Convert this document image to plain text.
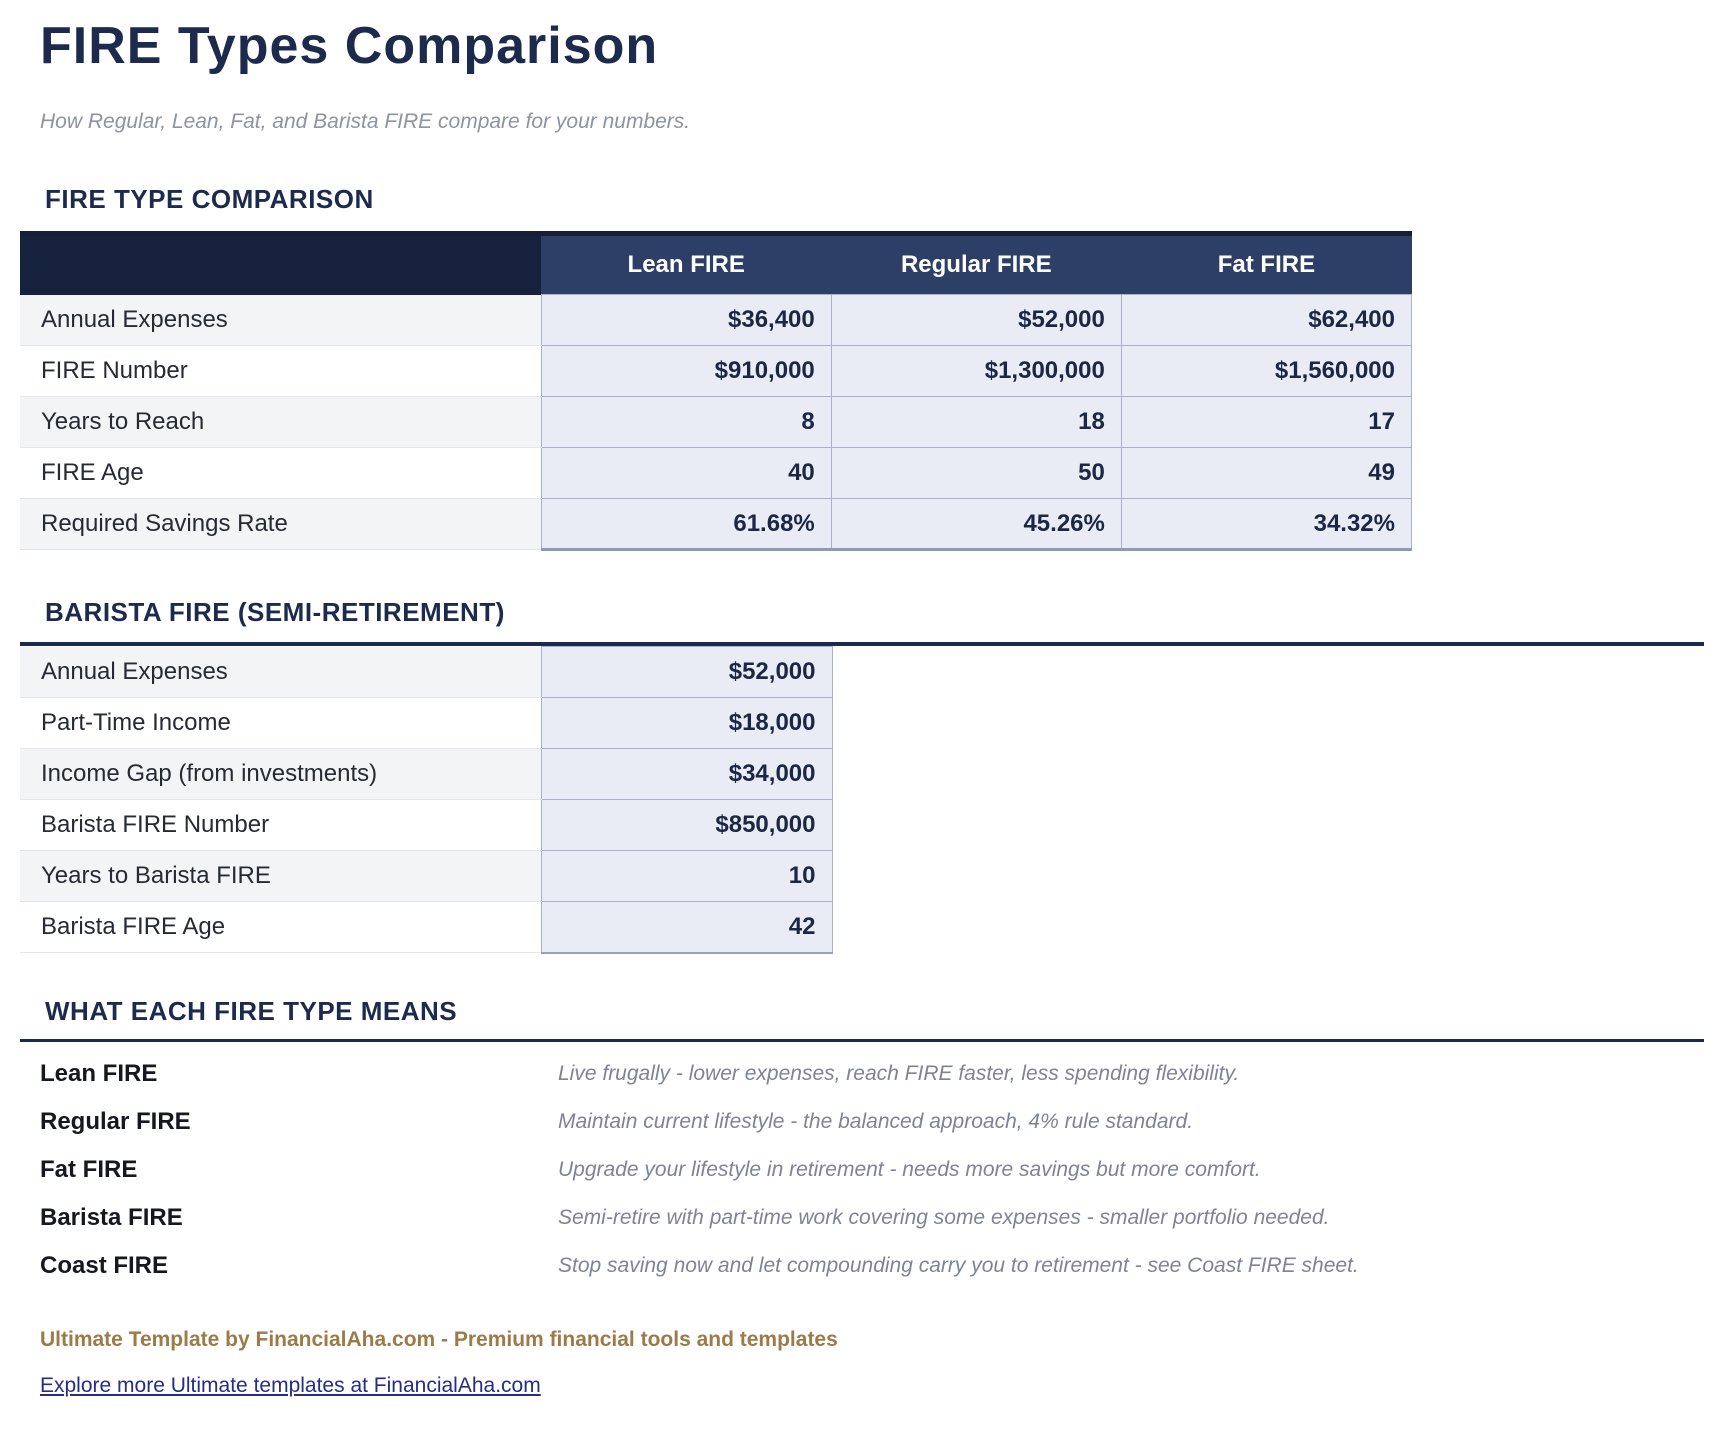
FIRE Types Comparison

How Regular, Lean, Fat, and Barista FIRE compare for your numbers.

FIRE TYPE COMPARISON
	Lean FIRE	Regular FIRE	Fat FIRE
Annual Expenses	$36,400	$52,000	$62,400
FIRE Number	$910,000	$1,300,000	$1,560,000
Years to Reach	8	18	17
FIRE Age	40	50	49
Required Savings Rate	61.68%	45.26%	34.32%
BARISTA FIRE (SEMI-RETIREMENT)
Annual Expenses	$52,000
Part-Time Income	$18,000
Income Gap (from investments)	$34,000
Barista FIRE Number	$850,000
Years to Barista FIRE	10
Barista FIRE Age	42
WHAT EACH FIRE TYPE MEANS
Lean FIRE	Live frugally - lower expenses, reach FIRE faster, less spending flexibility.
Regular FIRE	Maintain current lifestyle - the balanced approach, 4% rule standard.
Fat FIRE	Upgrade your lifestyle in retirement - needs more savings but more comfort.
Barista FIRE	Semi-retire with part-time work covering some expenses - smaller portfolio needed.
Coast FIRE	Stop saving now and let compounding carry you to retirement - see Coast FIRE sheet.

Ultimate Template by FinancialAha.com - Premium financial tools and templates

Explore more Ultimate templates at FinancialAha.com
